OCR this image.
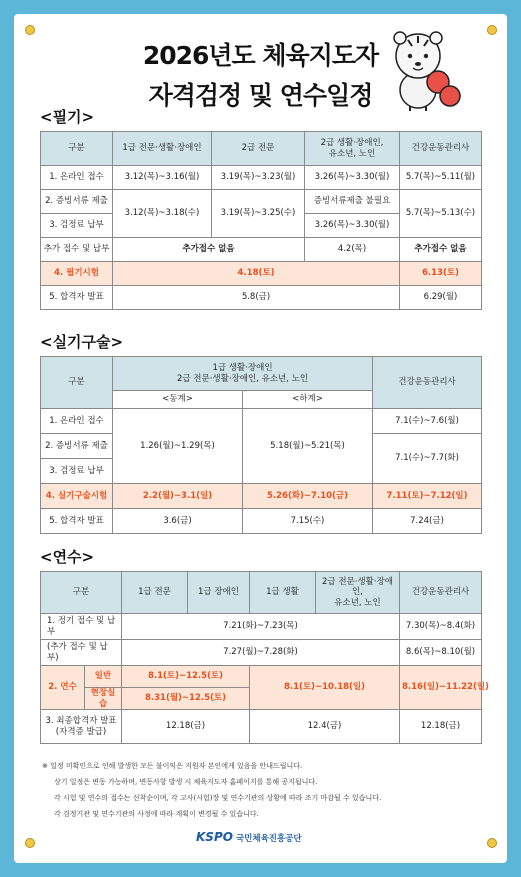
2026년도 체육지도자
자격검정 및 연수일정
<필기>
구분	1급 전문·생활·장애인	2급 전문	2급 생활·장애인,
유소년, 노인	건강운동관리사
1. 온라인 접수	3.12(목)~3.16(월)	3.19(목)~3.23(월)	3.26(목)~3.30(월)	5.7(목)~5.11(월)
2. 증빙서류 제출	3.12(목)~3.18(수)	3.19(목)~3.25(수)	증빙서류제출 불필요	5.7(목)~5.13(수)
3. 검정료 납부			3.26(목)~3.30(월)	
추가 접수 및 납부	추가접수 없음		4.2(목)	추가접수 없음
4. 필기시험	4.18(토)			6.13(토)
5. 합격자 발표	5.8(금)			6.29(월)
<실기구술>
구분	1급 생활·장애인
2급 전문·생활·장애인, 유소년, 노인		건강운동관리사
	<동계>	<하계>	
1. 온라인 접수	1.26(월)~1.29(목)	5.18(월)~5.21(목)	7.1(수)~7.6(월)
2. 증빙서류 제출			7.1(수)~7.7(화)
3. 검정료 납부			
4. 실기구술시험	2.2(월)~3.1(일)	5.26(화)~7.10(금)	7.11(토)~7.12(일)
5. 합격자 발표	3.6(금)	7.15(수)	7.24(금)
<연수>
구분		1급 전문	1급 장애인	1급 생활	2급 전문·생활·장애인,
유소년, 노인	건강운동관리사
1. 정기 접수 및 납부		7.21(화)~7.23(목)				7.30(목)~8.4(화)
(추가 접수 및 납부)		7.27(월)~7.28(화)				8.6(목)~8.10(월)
2. 연수	일반	8.1(토)~12.5(토)		8.1(토)~10.18(일)		8.16(일)~11.22(일)
	현장실습	8.31(월)~12.5(토)				
3. 최종합격자 발표
(자격증 발급)		12.18(금)		12.4(금)		12.18(금)
※ 일정 미확인으로 인해 발생한 모든 불이익은 지원자 본인에게 있음을 안내드립니다.
상기 일정은 변동 가능하며, 변동사항 발생 시 체육지도자 홈페이지를 통해 공지됩니다.
각 시험 및 연수의 접수는 선착순이며, 각 고사(시험)장 및 연수기관의 상황에 따라 조기 마감될 수 있습니다.
각 검정기관 및 연수기관의 사정에 따라 계획이 변경될 수 있습니다.
KSPO 국민체육진흥공단
